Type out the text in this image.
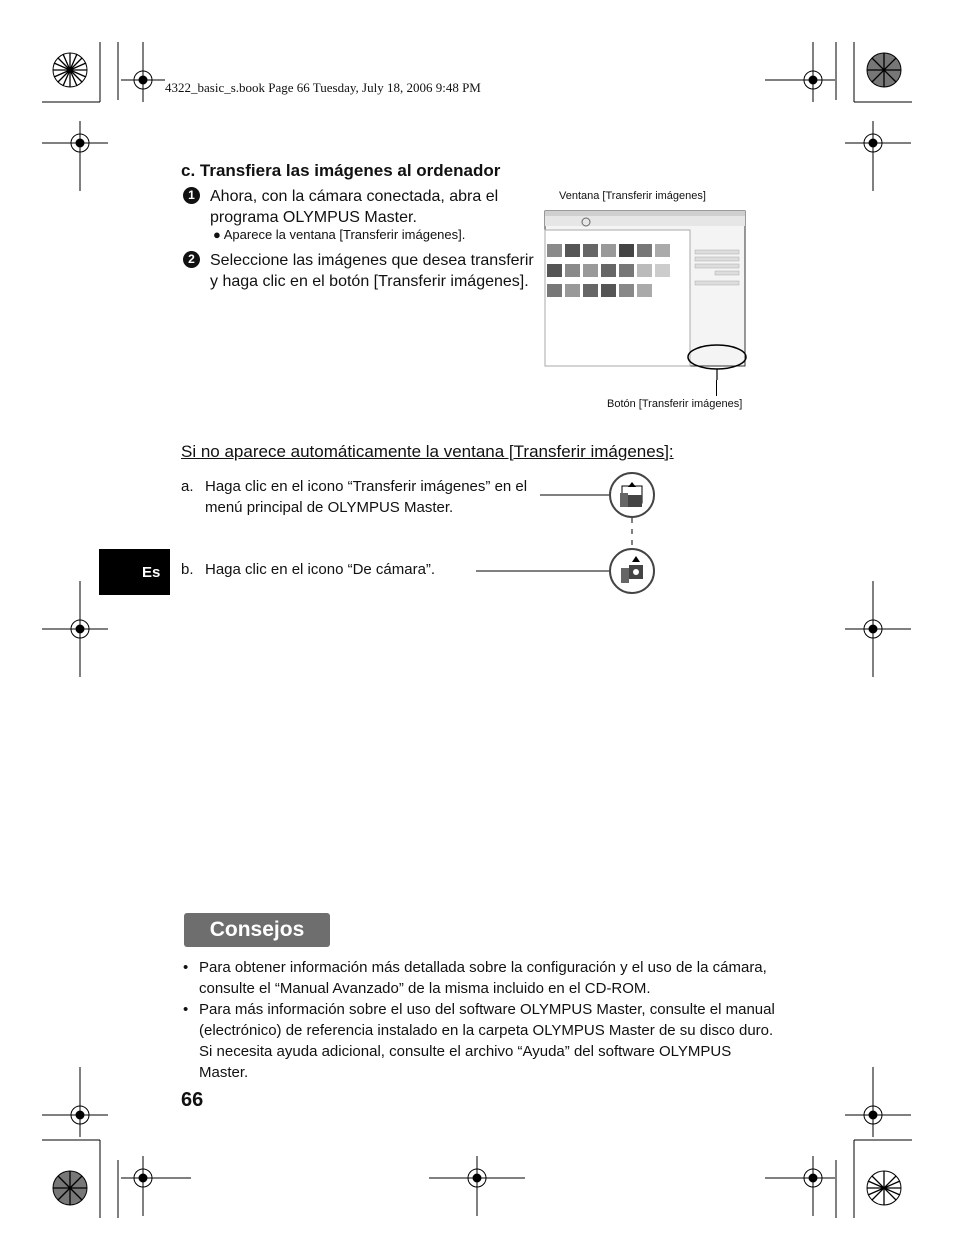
4322_basic_s.book Page 66 Tuesday, July 18, 2006 9:48 PM
c. Transfiera las imágenes al ordenador
1 Ahora, con la cámara conectada, abra el programa OLYMPUS Master.
● Aparece la ventana [Transferir imágenes].
2 Seleccione las imágenes que desea transferir y haga clic en el botón [Transferir imágenes].
Ventana [Transferir imágenes]
Botón [Transferir imágenes]
Si no aparece automáticamente la ventana [Transferir imágenes]:
a. Haga clic en el icono “Transferir imágenes” en el menú principal de OLYMPUS Master.
b. Haga clic en el icono “De cámara”.
Es
Consejos
• Para obtener información más detallada sobre la configuración y el uso de la cámara, consulte el “Manual Avanzado” de la misma incluido en el CD-ROM.
• Para más información sobre el uso del software OLYMPUS Master, consulte el manual (electrónico) de referencia instalado en la carpeta OLYMPUS Master de su disco duro. Si necesita ayuda adicional, consulte el archivo “Ayuda” del software OLYMPUS Master.
66
